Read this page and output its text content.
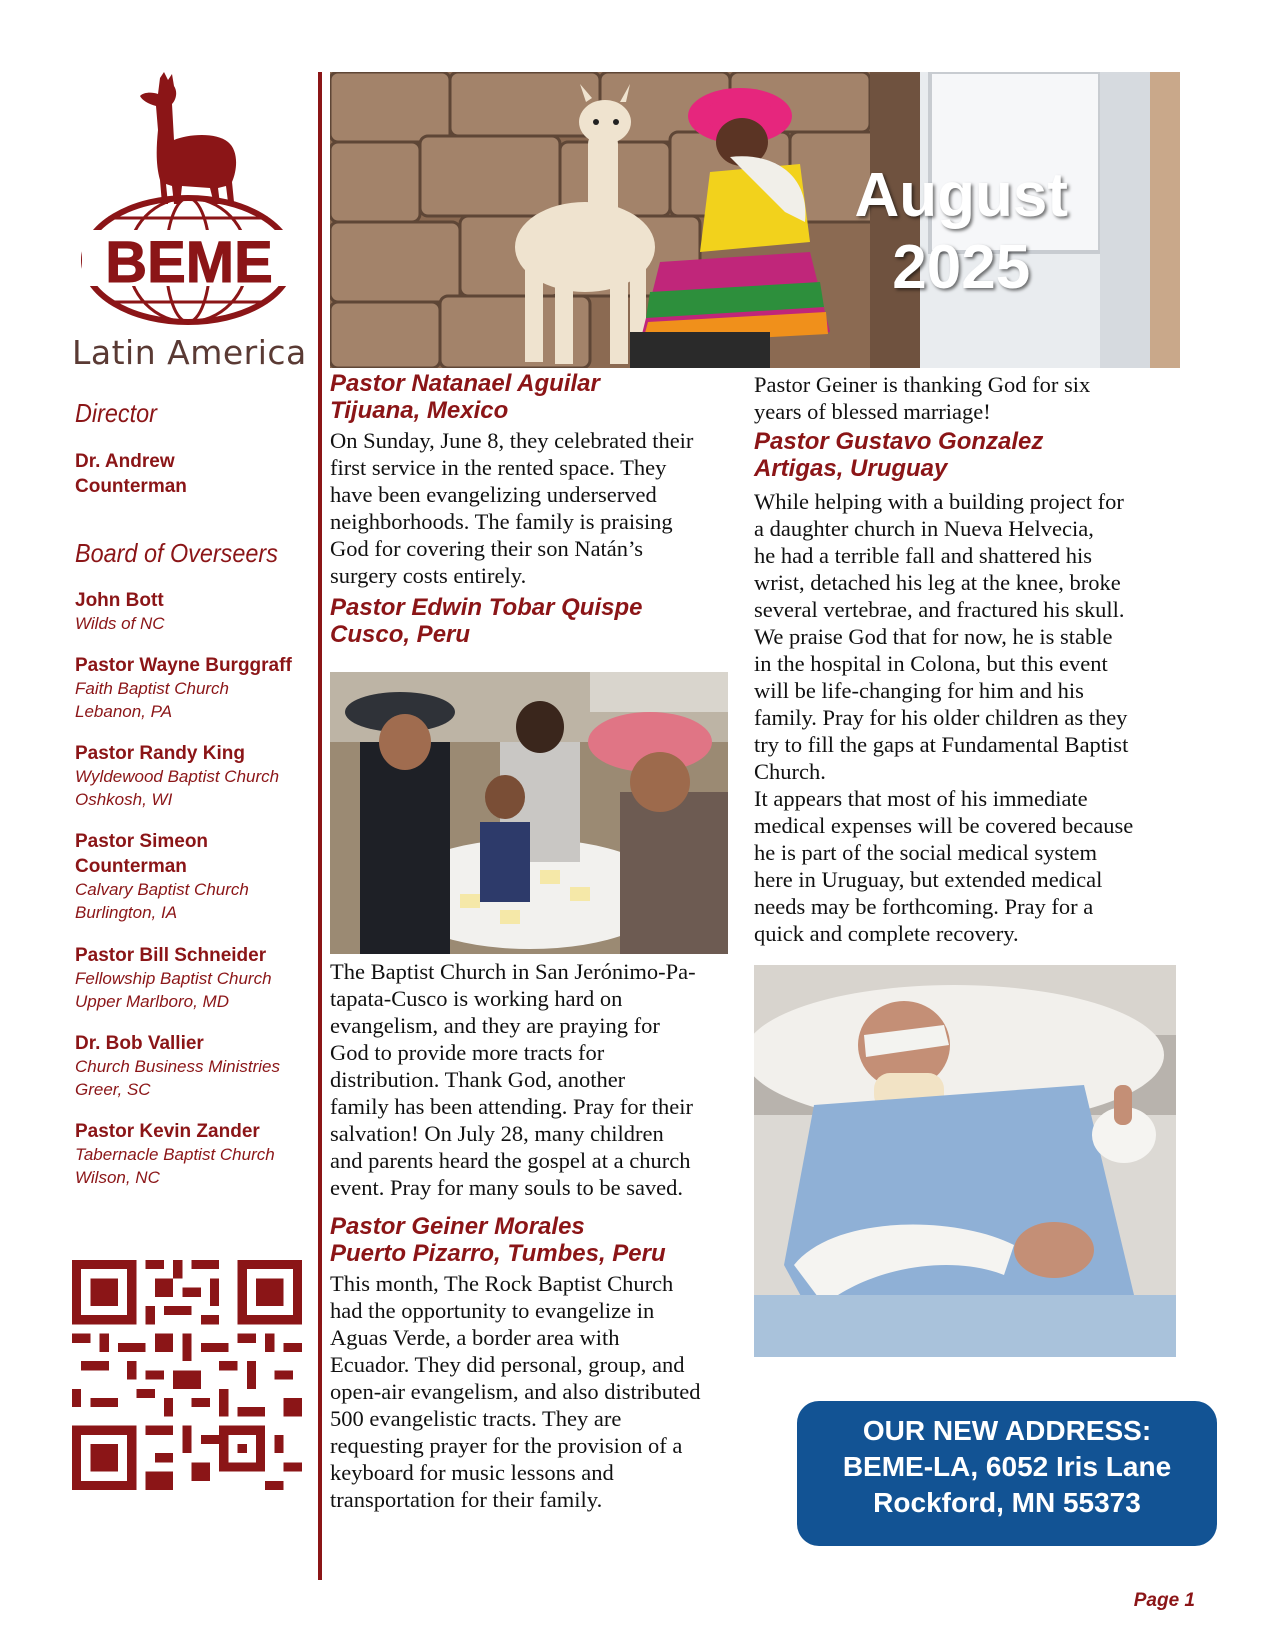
BEME
Latin America
Director
Dr. Andrew
Counterman
Board of Overseers
John Bott
Wilds of NC
Pastor Wayne Burggraff
Faith Baptist Church
Lebanon, PA
Pastor Randy King
Wyldewood Baptist Church
Oshkosh, WI
Pastor Simeon
Counterman
Calvary Baptist Church
Burlington, IA
Pastor Bill Schneider
Fellowship Baptist Church
Upper Marlboro, MD
Dr. Bob Vallier
Church Business Ministries
Greer, SC
Pastor Kevin Zander
Tabernacle Baptist Church
Wilson, NC
August
2025
Pastor Natanael Aguilar
Tijuana, Mexico
On Sunday, June 8, they celebrated their
first service in the rented space. They
have been evangelizing underserved
neighborhoods. The family is praising
God for covering their son Natán’s
surgery costs entirely.
Pastor Edwin Tobar Quispe
Cusco, Peru
The Baptist Church in San Jerónimo-Pa-
tapata-Cusco is working hard on
evangelism, and they are praying for
God to provide more tracts for
distribution. Thank God, another
family has been attending. Pray for their
salvation! On July 28, many children
and parents heard the gospel at a church
event. Pray for many souls to be saved.
Pastor Geiner Morales
Puerto Pizarro, Tumbes, Peru
This month, The Rock Baptist Church
had the opportunity to evangelize in
Aguas Verde, a border area with
Ecuador. They did personal, group, and
open-air evangelism, and also distributed
500 evangelistic tracts. They are
requesting prayer for the provision of a
keyboard for music lessons and
transportation for their family.
Pastor Geiner is thanking God for six
years of blessed marriage!
Pastor Gustavo Gonzalez
Artigas, Uruguay
While helping with a building project for
a daughter church in Nueva Helvecia,
he had a terrible fall and shattered his
wrist, detached his leg at the knee, broke
several vertebrae, and fractured his skull.
We praise God that for now, he is stable
in the hospital in Colona, but this event
will be life-changing for him and his
family. Pray for his older children as they
try to fill the gaps at Fundamental Baptist
Church.
It appears that most of his immediate
medical expenses will be covered because
he is part of the social medical system
here in Uruguay, but extended medical
needs may be forthcoming. Pray for a
quick and complete recovery.
OUR NEW ADDRESS:
BEME-LA, 6052 Iris Lane
Rockford, MN 55373
Page 1
